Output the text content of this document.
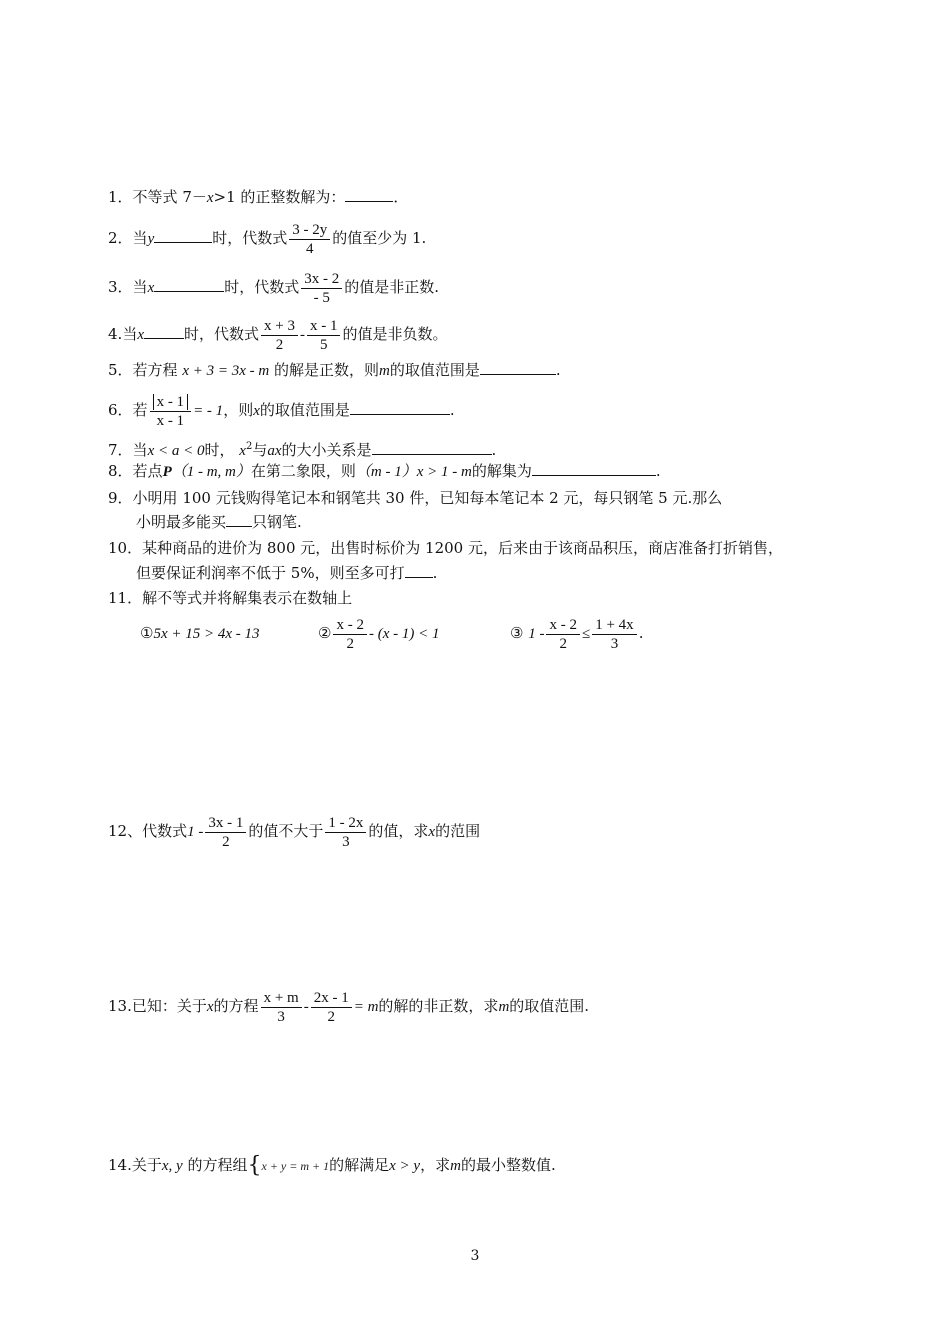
1．不等式 7－x>1 的正整数解为：	．
2．当y	时，代数式 $\frac{3 - 2y}{4}$ 的值至少为 1.
3．当x	时，代数式 $\frac{3x - 2}{- 5}$ 的值是非正数.
4.当x	时，代数式 $\frac{x + 3}{2} - \frac{x - 1}{5}$ 的值是非负数。
5．若方程 x + 3 = 3x - m 的解是正数，则m的取值范围是	.
6．若 $\frac{x - 1}{x - 1}$ = - 1，则x的取值范围是	.
7．当x < a < 0时， $x^2$与ax的大小关系是	.
8．若点P（1 - m, m）在第二象限，则（m - 1）x > 1 - m的解集为	.
9．小明用 100 元钱购得笔记本和钢笔共 30 件，已知每本笔记本 2 元，每只钢笔 5 元.那么
小明最多能买 只钢笔.
10．某种商品的进价为 800 元，出售时标价为 1200 元，后来由于该商品积压，商店准备打折销售，
但要保证利润率不低于 5%，则至多可打 .
11．解不等式并将解集表示在数轴上
①5x + 15 > 4x - 13	② $\frac{x - 2}{2} - (x - 1) < 1$	③ $1 - \frac{x - 2}{2} \le \frac{1 + 4x}{3}$ .
12、代数式$1 - \frac{3x - 1}{2}$ 的值不大于 $\frac{1 - 2x}{3}$ 的值，求x的范围
13.已知：关于x的方程 $\frac{x + m}{3} - \frac{2x - 1}{2} = m$的解的非正数，求m的取值范围.
14.关于x, y 的方程组{x + y = m + 1的解满足x > y，求m的最小整数值.
3
